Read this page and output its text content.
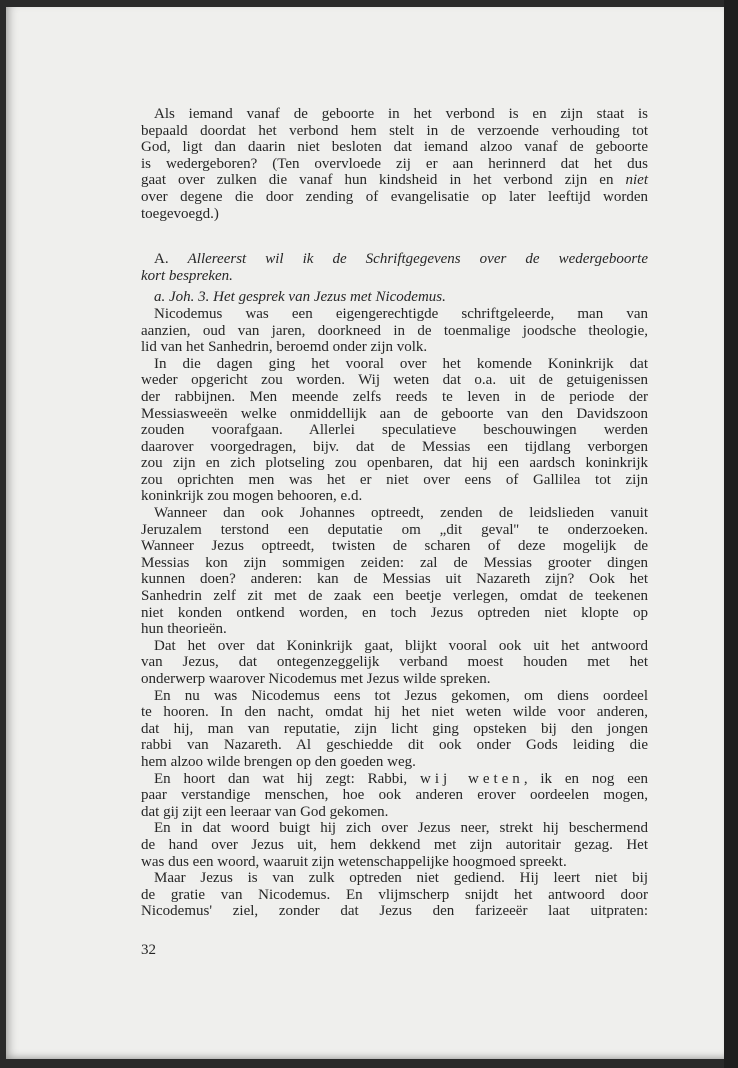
Als iemand vanaf de geboorte in het verbond is en zijn staat is
bepaald doordat het verbond hem stelt in de verzoende verhouding tot
God, ligt dan daarin niet besloten dat iemand alzoo vanaf de geboorte
is wedergeboren? (Ten overvloede zij er aan herinnerd dat het dus
gaat over zulken die vanaf hun kindsheid in het verbond zijn en niet
over degene die door zending of evangelisatie op later leeftijd worden
toegevoegd.)
A. Allereerst wil ik de Schriftgegevens over de wedergeboorte
kort bespreken.
a. Joh. 3. Het gesprek van Jezus met Nicodemus.
Nicodemus was een eigengerechtigde schriftgeleerde, man van
aanzien, oud van jaren, doorkneed in de toenmalige joodsche theologie,
lid van het Sanhedrin, beroemd onder zijn volk.
In die dagen ging het vooral over het komende Koninkrijk dat
weder opgericht zou worden. Wij weten dat o.a. uit de getuigenissen
der rabbijnen. Men meende zelfs reeds te leven in de periode der
Messiasweeën welke onmiddellijk aan de geboorte van den Davidszoon
zouden voorafgaan. Allerlei speculatieve beschouwingen werden
daarover voorgedragen, bijv. dat de Messias een tijdlang verborgen
zou zijn en zich plotseling zou openbaren, dat hij een aardsch koninkrijk
zou oprichten men was het er niet over eens of Gallilea tot zijn
koninkrijk zou mogen behooren, e.d.
Wanneer dan ook Johannes optreedt, zenden de leidslieden vanuit
Jeruzalem terstond een deputatie om „dit geval'' te onderzoeken.
Wanneer Jezus optreedt, twisten de scharen of deze mogelijk de
Messias kon zijn sommigen zeiden: zal de Messias grooter dingen
kunnen doen? anderen: kan de Messias uit Nazareth zijn? Ook het
Sanhedrin zelf zit met de zaak een beetje verlegen, omdat de teekenen
niet konden ontkend worden, en toch Jezus optreden niet klopte op
hun theorieën.
Dat het over dat Koninkrijk gaat, blijkt vooral ook uit het antwoord
van Jezus, dat ontegenzeggelijk verband moest houden met het
onderwerp waarover Nicodemus met Jezus wilde spreken.
En nu was Nicodemus eens tot Jezus gekomen, om diens oordeel
te hooren. In den nacht, omdat hij het niet weten wilde voor anderen,
dat hij, man van reputatie, zijn licht ging opsteken bij den jongen
rabbi van Nazareth. Al geschiedde dit ook onder Gods leiding die
hem alzoo wilde brengen op den goeden weg.
En hoort dan wat hij zegt: Rabbi, wij weten, ik en nog een
paar verstandige menschen, hoe ook anderen erover oordeelen mogen,
dat gij zijt een leeraar van God gekomen.
En in dat woord buigt hij zich over Jezus neer, strekt hij beschermend
de hand over Jezus uit, hem dekkend met zijn autoritair gezag. Het
was dus een woord, waaruit zijn wetenschappelijke hoogmoed spreekt.
Maar Jezus is van zulk optreden niet gediend. Hij leert niet bij
de gratie van Nicodemus. En vlijmscherp snijdt het antwoord door
Nicodemus' ziel, zonder dat Jezus den farizeeër laat uitpraten:
32
